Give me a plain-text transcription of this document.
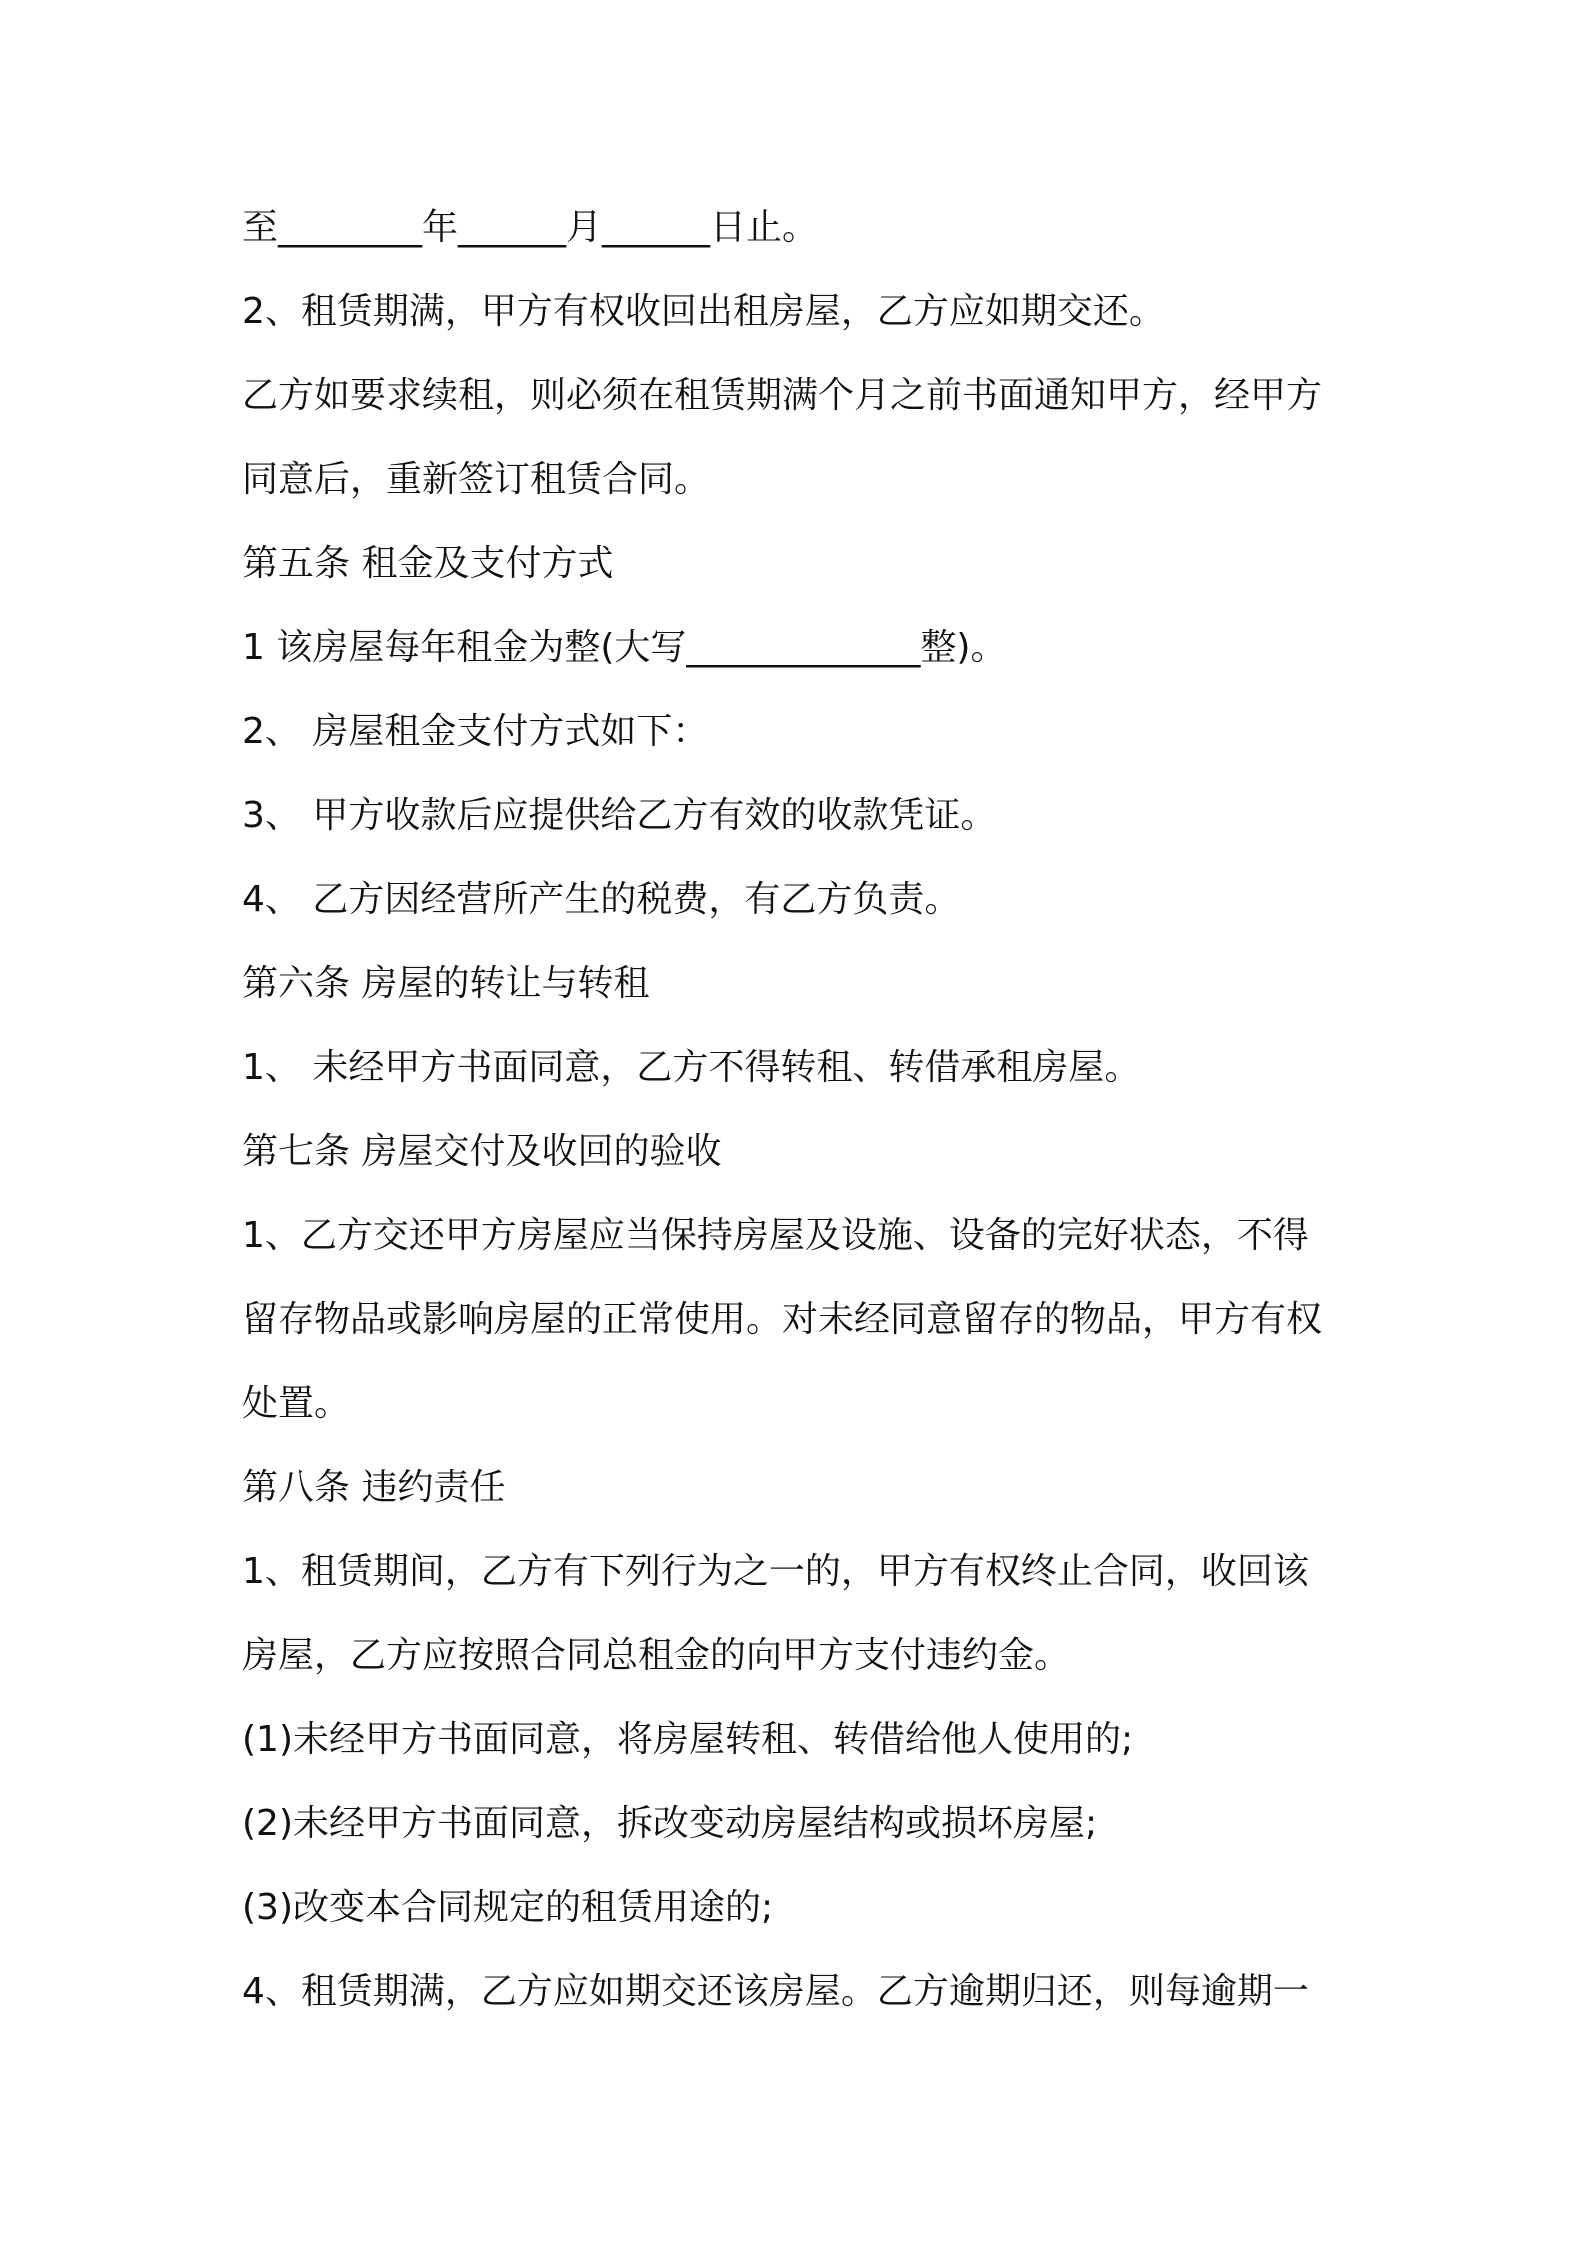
至________年______月______日止。
2、租赁期满，甲方有权收回出租房屋，乙方应如期交还。
乙方如要求续租，则必须在租赁期满个月之前书面通知甲方，经甲方
同意后，重新签订租赁合同。
第五条 租金及支付方式
1 该房屋每年租金为整(大写_____________整)。
2、 房屋租金支付方式如下：
3、 甲方收款后应提供给乙方有效的收款凭证。
4、 乙方因经营所产生的税费，有乙方负责。
第六条 房屋的转让与转租
1、 未经甲方书面同意，乙方不得转租、转借承租房屋。
第七条 房屋交付及收回的验收
1、乙方交还甲方房屋应当保持房屋及设施、设备的完好状态，不得
留存物品或影响房屋的正常使用。对未经同意留存的物品，甲方有权
处置。
第八条 违约责任
1、租赁期间，乙方有下列行为之一的，甲方有权终止合同，收回该
房屋，乙方应按照合同总租金的向甲方支付违约金。
(1)未经甲方书面同意，将房屋转租、转借给他人使用的;
(2)未经甲方书面同意，拆改变动房屋结构或损坏房屋;
(3)改变本合同规定的租赁用途的;
4、租赁期满，乙方应如期交还该房屋。乙方逾期归还，则每逾期一
